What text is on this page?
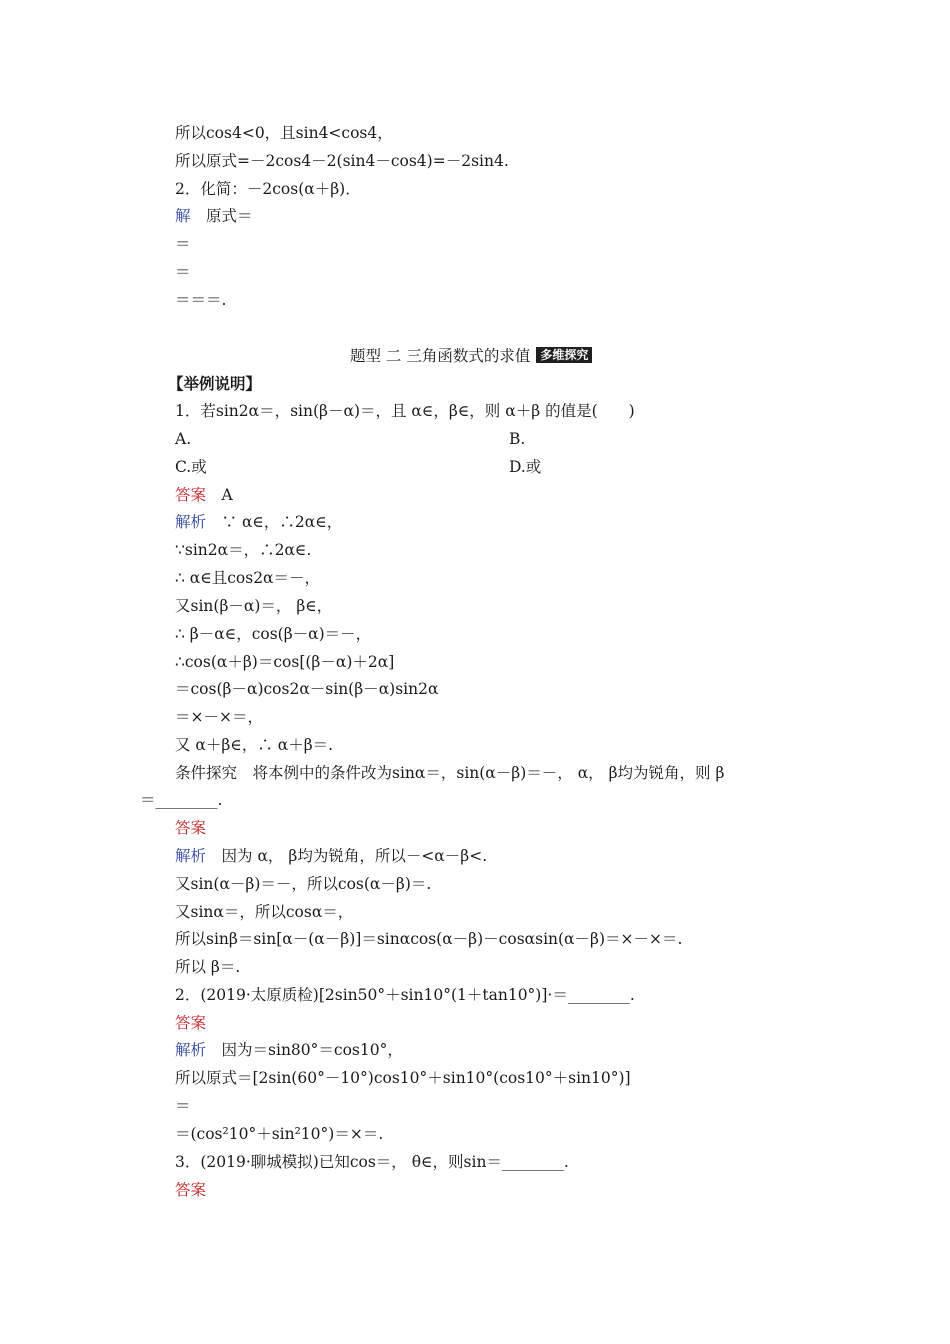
所以cos4<0，且sin4<cos4，
所以原式=－2cos4－2(sin4－cos4)=－2sin4.
2．化简：－2cos(α＋β)．
解　 原式＝
＝
＝
＝＝＝.
题型 二 三角函数式的求值 多维探究
【举例说明】
1．若sin2α＝，sin(β－α)＝，且 α∈，β∈，则 α＋β 的值是(　　)
A.	B.
C.或	D.或
答案　 A
解析　 ∵ α∈，∴2α∈，
∵sin2α＝，∴2α∈.
∴ α∈且cos2α＝－，
又sin(β－α)＝， β∈，
∴ β－α∈，cos(β－α)＝－，
∴cos(α＋β)＝cos[(β－α)＋2α]
＝cos(β－α)cos2α－sin(β－α)sin2α
＝×－×＝，
又 α＋β∈，∴ α＋β＝.
条件探究　将本例中的条件改为sinα＝，sin(α－β)＝－， α， β均为锐角，则 β
＝________.
答案
解析　 因为 α， β均为锐角，所以－<α－β<.
又sin(α－β)＝－，所以cos(α－β)＝.
又sinα＝，所以cosα＝，
所以sinβ＝sin[α－(α－β)]＝sinαcos(α－β)－cosαsin(α－β)＝×－×＝.
所以 β＝.
2．(2019·太原质检)[2sin50°＋sin10°(1＋tan10°)]·＝________.
答案
解析　 因为＝sin80°＝cos10°，
所以原式＝[2sin(60°－10°)cos10°＋sin10°(cos10°＋sin10°)]
＝
＝(cos²10°＋sin²10°)＝×＝.
3．(2019·聊城模拟)已知cos＝， θ∈，则sin＝________.
答案
